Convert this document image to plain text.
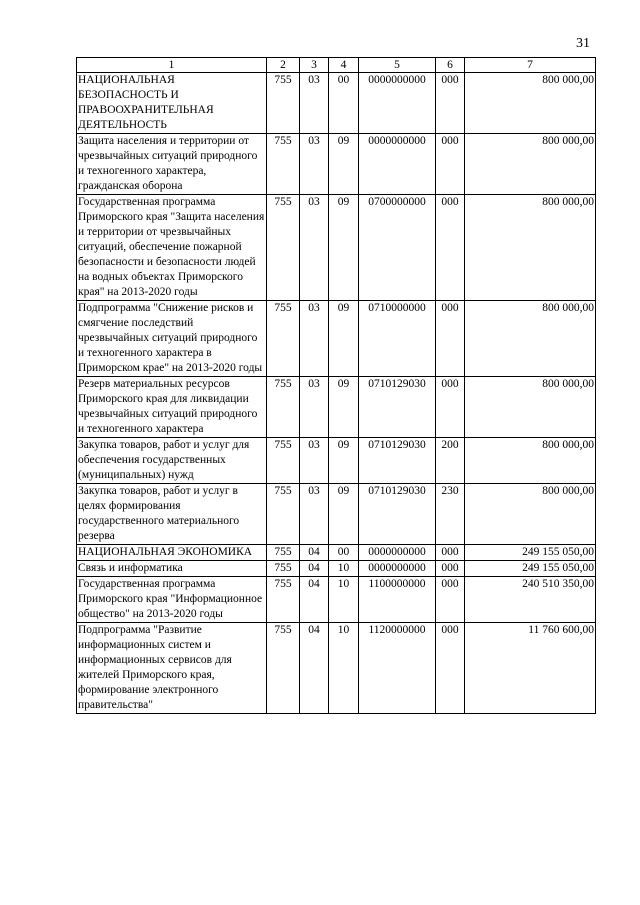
31
1	2	3	4	5	6	7
НАЦИОНАЛЬНАЯ БЕЗОПАСНОСТЬ И ПРАВООХРАНИТЕЛЬНАЯ ДЕЯТЕЛЬНОСТЬ	755	03	00	0000000000	000	800 000,00
Защита населения и территории от чрезвычайных ситуаций природного и техногенного характера, гражданская оборона	755	03	09	0000000000	000	800 000,00
Государственная программа Приморского края "Защита населения и территории от чрезвычайных ситуаций, обеспечение пожарной безопасности и безопасности людей на водных объектах Приморского края" на 2013-2020 годы	755	03	09	0700000000	000	800 000,00
Подпрограмма "Снижение рисков и смягчение последствий чрезвычайных ситуаций природного и техногенного характера в Приморском крае" на 2013-2020 годы	755	03	09	0710000000	000	800 000,00
Резерв материальных ресурсов Приморского края для ликвидации чрезвычайных ситуаций природного и техногенного характера	755	03	09	0710129030	000	800 000,00
Закупка товаров, работ и услуг для обеспечения государственных (муниципальных) нужд	755	03	09	0710129030	200	800 000,00
Закупка товаров, работ и услуг в целях формирования государственного материального резерва	755	03	09	0710129030	230	800 000,00
НАЦИОНАЛЬНАЯ ЭКОНОМИКА	755	04	00	0000000000	000	249 155 050,00
Связь и информатика	755	04	10	0000000000	000	249 155 050,00
Государственная программа Приморского края "Информационное общество" на 2013-2020 годы	755	04	10	1100000000	000	240 510 350,00
Подпрограмма "Развитие информационных систем и информационных сервисов для жителей Приморского края, формирование электронного правительства"	755	04	10	1120000000	000	11 760 600,00
